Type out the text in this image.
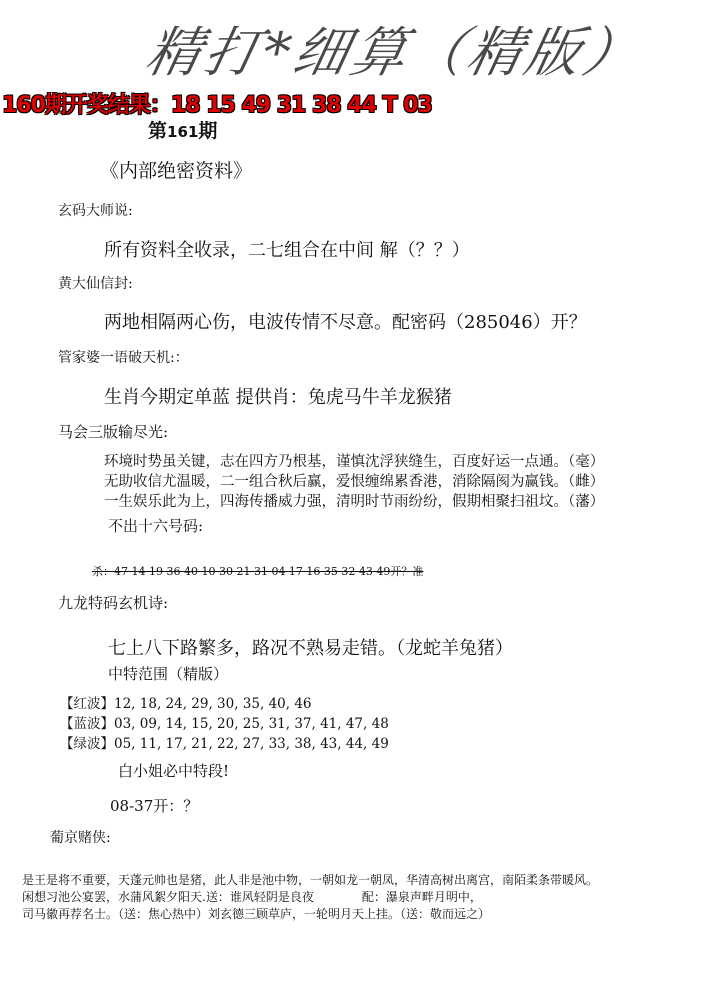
精打*细算（精版）
160期开奖结果：18 15 49 31 38 44 T 03
第161期
《内部绝密资料》
玄码大师说:
所有资料全收录，二七组合在中间 解（？？）
黄大仙信封:
两地相隔两心伤，电波传情不尽意。配密码（285046）开？
管家婆一语破天机:：
生肖今期定单蓝 提供肖：兔虎马牛羊龙猴猪
马会三版输尽光:
环境时势虽关键，志在四方乃根基，谨慎沈浮狭缝生，百度好运一点通。（毫）
无助收信尤温暖，二一组合秋后赢，爱恨缠绵累香港，消除隔阂为赢钱。（雌）
一生娱乐此为上，四海传播威力强，清明时节雨纷纷，假期相聚扫祖坟。（藩）
不出十六号码:
杀：47 14 19 36 40 10 30 21 31 04 17 16 35 32 43 49开？准
九龙特码玄机诗:
七上八下路繁多，路况不熟易走错。（龙蛇羊兔猪）
中特范围（精版）
【红波】12, 18, 24, 29, 30, 35, 40, 46
【蓝波】03, 09, 14, 15, 20, 25, 31, 37, 41, 47, 48
【绿波】05, 11, 17, 21, 22, 27, 33, 38, 43, 44, 49
白小姐必中特段!
08-37开：？
葡京赌侠:
是王是将不重要，天蓬元帅也是猪，此人非是池中物，一朝如龙一朝凤，华清高树出离宫，南陌柔条带暖风。
闲想习池公宴罢，水蒲风絮夕阳天.送：谁风轻阴是良夜　　　　配：瀑泉声畔月明中，
司马徽再荐名士。（送：焦心热中）刘玄德三顾草庐，一轮明月天上挂。（送：敬而远之）
